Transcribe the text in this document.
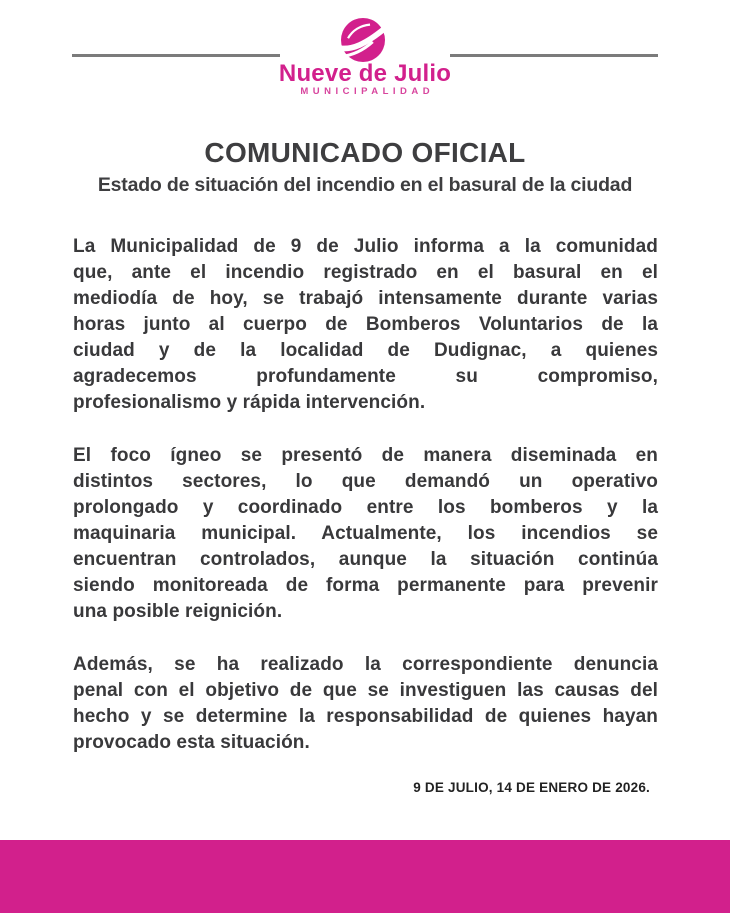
Nueve de Julio
MUNICIPALIDAD
COMUNICADO OFICIAL
Estado de situación del incendio en el basural de la ciudad
La Municipalidad de 9 de Julio informa a la comunidad
que, ante el incendio registrado en el basural en el
mediodía de hoy, se trabajó intensamente durante varias
horas junto al cuerpo de Bomberos Voluntarios de la
ciudad y de la localidad de Dudignac, a quienes
agradecemos profundamente su compromiso,
profesionalismo y rápida intervención.
El foco ígneo se presentó de manera diseminada en
distintos sectores, lo que demandó un operativo
prolongado y coordinado entre los bomberos y la
maquinaria municipal. Actualmente, los incendios se
encuentran controlados, aunque la situación continúa
siendo monitoreada de forma permanente para prevenir
una posible reignición.
Además, se ha realizado la correspondiente denuncia
penal con el objetivo de que se investiguen las causas del
hecho y se determine la responsabilidad de quienes hayan
provocado esta situación.
9 DE JULIO, 14 DE ENERO DE 2026.
